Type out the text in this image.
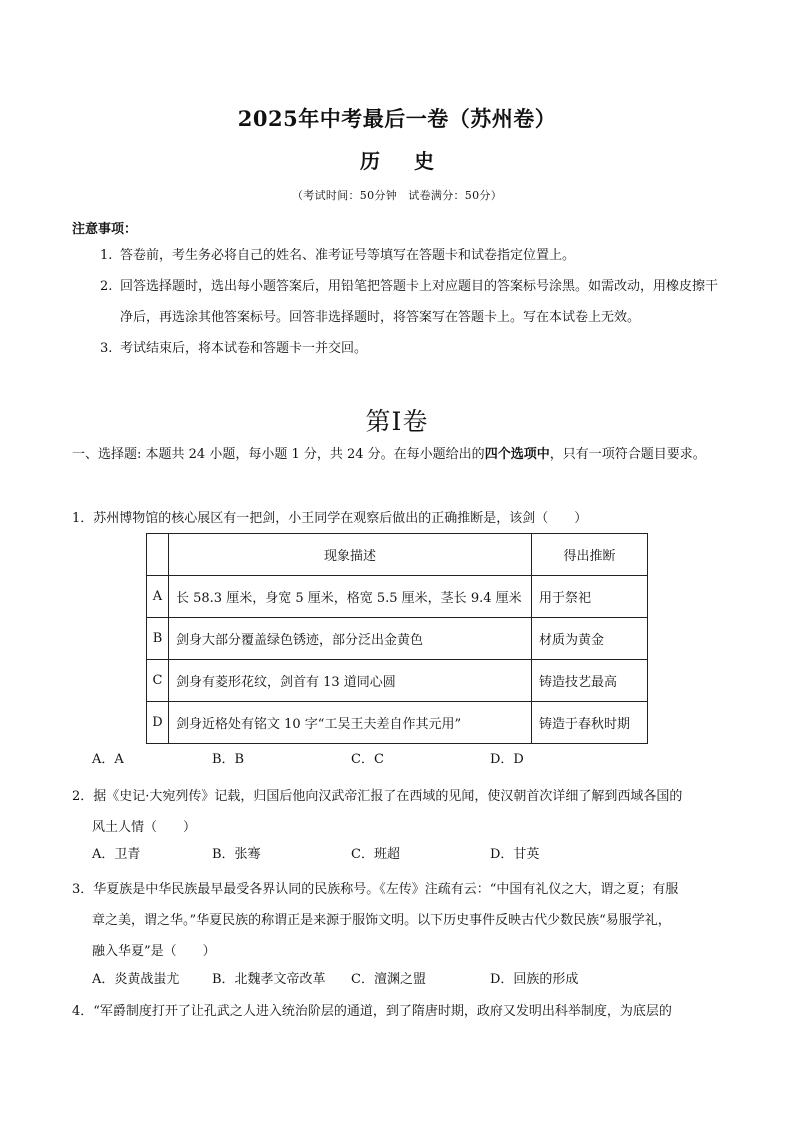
2025年中考最后一卷（苏州卷）
历史
（考试时间：50分钟　试卷满分：50分）
注意事项：
1. 答卷前，考生务必将自己的姓名、准考证号等填写在答题卡和试卷指定位置上。
2. 回答选择题时，选出每小题答案后，用铅笔把答题卡上对应题目的答案标号涂黑。如需改动，用橡皮擦干净后，再选涂其他答案标号。回答非选择题时，将答案写在答题卡上。写在本试卷上无效。
3. 考试结束后，将本试卷和答题卡一并交回。
第Ⅰ卷
一、选择题: 本题共 24 小题，每小题 1 分，共 24 分。在每小题给出的四个选项中，只有一项符合题目要求。
1．苏州博物馆的核心展区有一把剑，小王同学在观察后做出的正确推断是，该剑（　　）
	现象描述	得出推断
A	长 58.3 厘米，身宽 5 厘米，格宽 5.5 厘米，茎长 9.4 厘米	用于祭祀
B	剑身大部分覆盖绿色锈迹，部分泛出金黄色	材质为黄金
C	剑身有菱形花纹，剑首有 13 道同心圆	铸造技艺最高
D	剑身近格处有铭文 10 字“工吴王夫差自作其元用”	铸造于春秋时期
A．A	B．B	C．C	D．D
2．据《史记·大宛列传》记载，归国后他向汉武帝汇报了在西域的见闻，使汉朝首次详细了解到西域各国的
风土人情（　　）
A．卫青	B．张骞	C．班超	D．甘英
3．华夏族是中华民族最早最受各界认同的民族称号。《左传》注疏有云：“中国有礼仪之大，谓之夏；有服
章之美，谓之华。”华夏民族的称谓正是来源于服饰文明。以下历史事件反映古代少数民族“易服学礼，
融入华夏”是（　　）
A．炎黄战蚩尤	B．北魏孝文帝改革 C．澶渊之盟	D．回族的形成
4．“军爵制度打开了让孔武之人进入统治阶层的通道，到了隋唐时期，政府又发明出科举制度，为底层的
